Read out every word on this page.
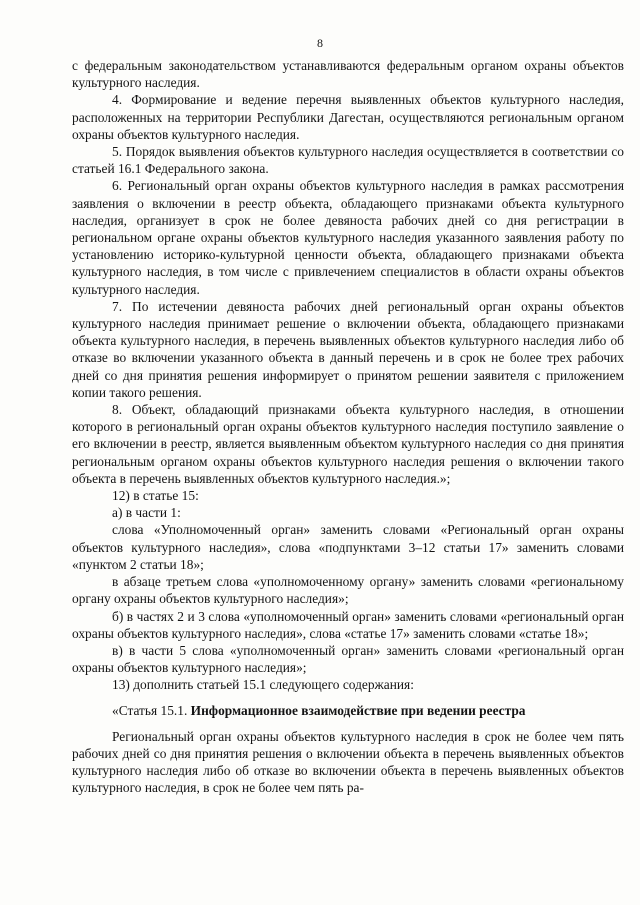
8

с федеральным законодательством устанавливаются федеральным органом охраны объектов культурного наследия.

4. Формирование и ведение перечня выявленных объектов культурного наследия, расположенных на территории Республики Дагестан, осуществляются региональным органом охраны объектов культурного наследия.

5. Порядок выявления объектов культурного наследия осуществляется в соответствии со статьей 16.1 Федерального закона.

6. Региональный орган охраны объектов культурного наследия в рамках рассмотрения заявления о включении в реестр объекта, обладающего признаками объекта культурного наследия, организует в срок не более девяноста рабочих дней со дня регистрации в региональном органе охраны объектов культурного наследия указанного заявления работу по установлению историко-культурной ценности объекта, обладающего признаками объекта культурного наследия, в том числе с привлечением специалистов в области охраны объектов культурного наследия.

7. По истечении девяноста рабочих дней региональный орган охраны объектов культурного наследия принимает решение о включении объекта, обладающего признаками объекта культурного наследия, в перечень выявленных объектов культурного наследия либо об отказе во включении указанного объекта в данный перечень и в срок не более трех рабочих дней со дня принятия решения информирует о принятом решении заявителя с приложением копии такого решения.

8. Объект, обладающий признаками объекта культурного наследия, в отношении которого в региональный орган охраны объектов культурного наследия поступило заявление о его включении в реестр, является выявленным объектом культурного наследия со дня принятия региональным органом охраны объектов культурного наследия решения о включении такого объекта в перечень выявленных объектов культурного наследия.»;

12) в статье 15:

а) в части 1:

слова «Уполномоченный орган» заменить словами «Региональный орган охраны объектов культурного наследия», слова «подпунктами 3–12 статьи 17» заменить словами «пунктом 2 статьи 18»;

в абзаце третьем слова «уполномоченному органу» заменить словами «региональному органу охраны объектов культурного наследия»;

б) в частях 2 и 3 слова «уполномоченный орган» заменить словами «региональный орган охраны объектов культурного наследия», слова «статье 17» заменить словами «статье 18»;

в) в части 5 слова «уполномоченный орган» заменить словами «региональный орган охраны объектов культурного наследия»;

13) дополнить статьей 15.1 следующего содержания:

«Статья 15.1. Информационное взаимодействие при ведении реестра

Региональный орган охраны объектов культурного наследия в срок не более чем пять рабочих дней со дня принятия решения о включении объекта в перечень выявленных объектов культурного наследия либо об отказе во включении объекта в перечень выявленных объектов культурного наследия, в срок не более чем пять ра-
